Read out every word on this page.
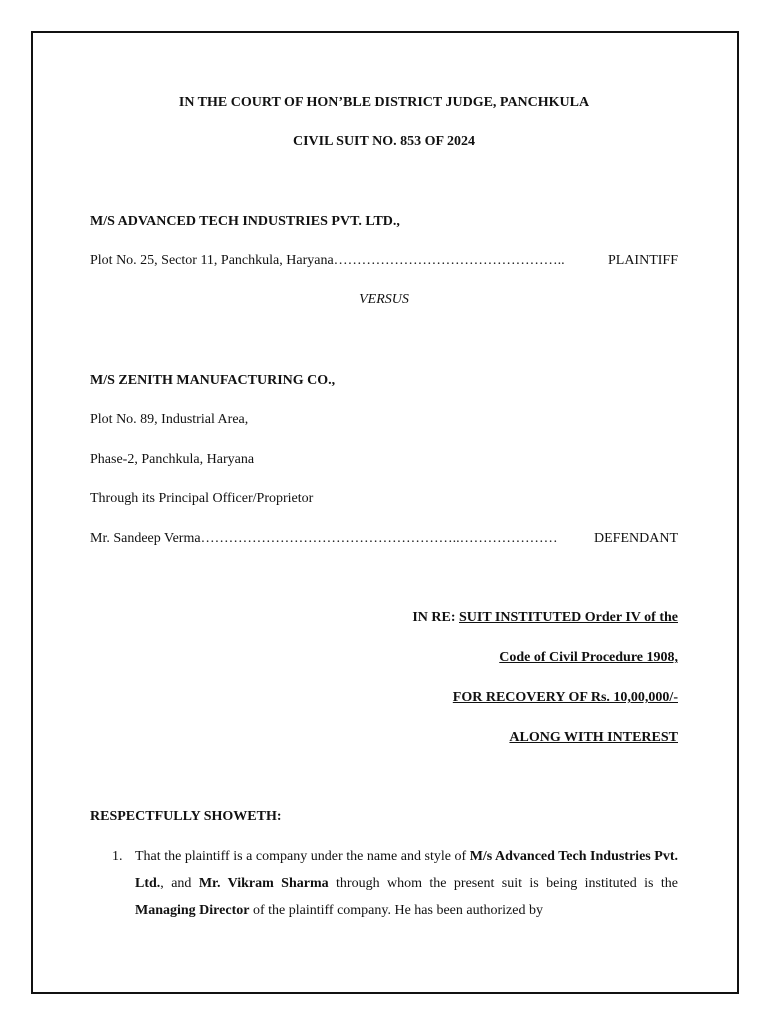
IN THE COURT OF HON’BLE DISTRICT JUDGE, PANCHKULA
CIVIL SUIT NO. 853 OF 2024
M/S ADVANCED TECH INDUSTRIES PVT. LTD.,
Plot No. 25, Sector 11, Panchkula, Haryana …………………………………………..	PLAINTIFF
VERSUS
M/S ZENITH MANUFACTURING CO.,
Plot No. 89, Industrial Area,
Phase-2, Panchkula, Haryana
Through its Principal Officer/Proprietor
Mr. Sandeep Verma ………………………………………………..…………………	DEFENDANT
IN RE: SUIT INSTITUTED Order IV of the
Code of Civil Procedure 1908,
FOR RECOVERY OF Rs. 10,00,000/-
ALONG WITH INTEREST
RESPECTFULLY SHOWETH:
1. That the plaintiff is a company under the name and style of M/s Advanced Tech Industries Pvt. Ltd., and Mr. Vikram Sharma through whom the present suit is being instituted is the Managing Director of the plaintiff company. He has been authorized by
